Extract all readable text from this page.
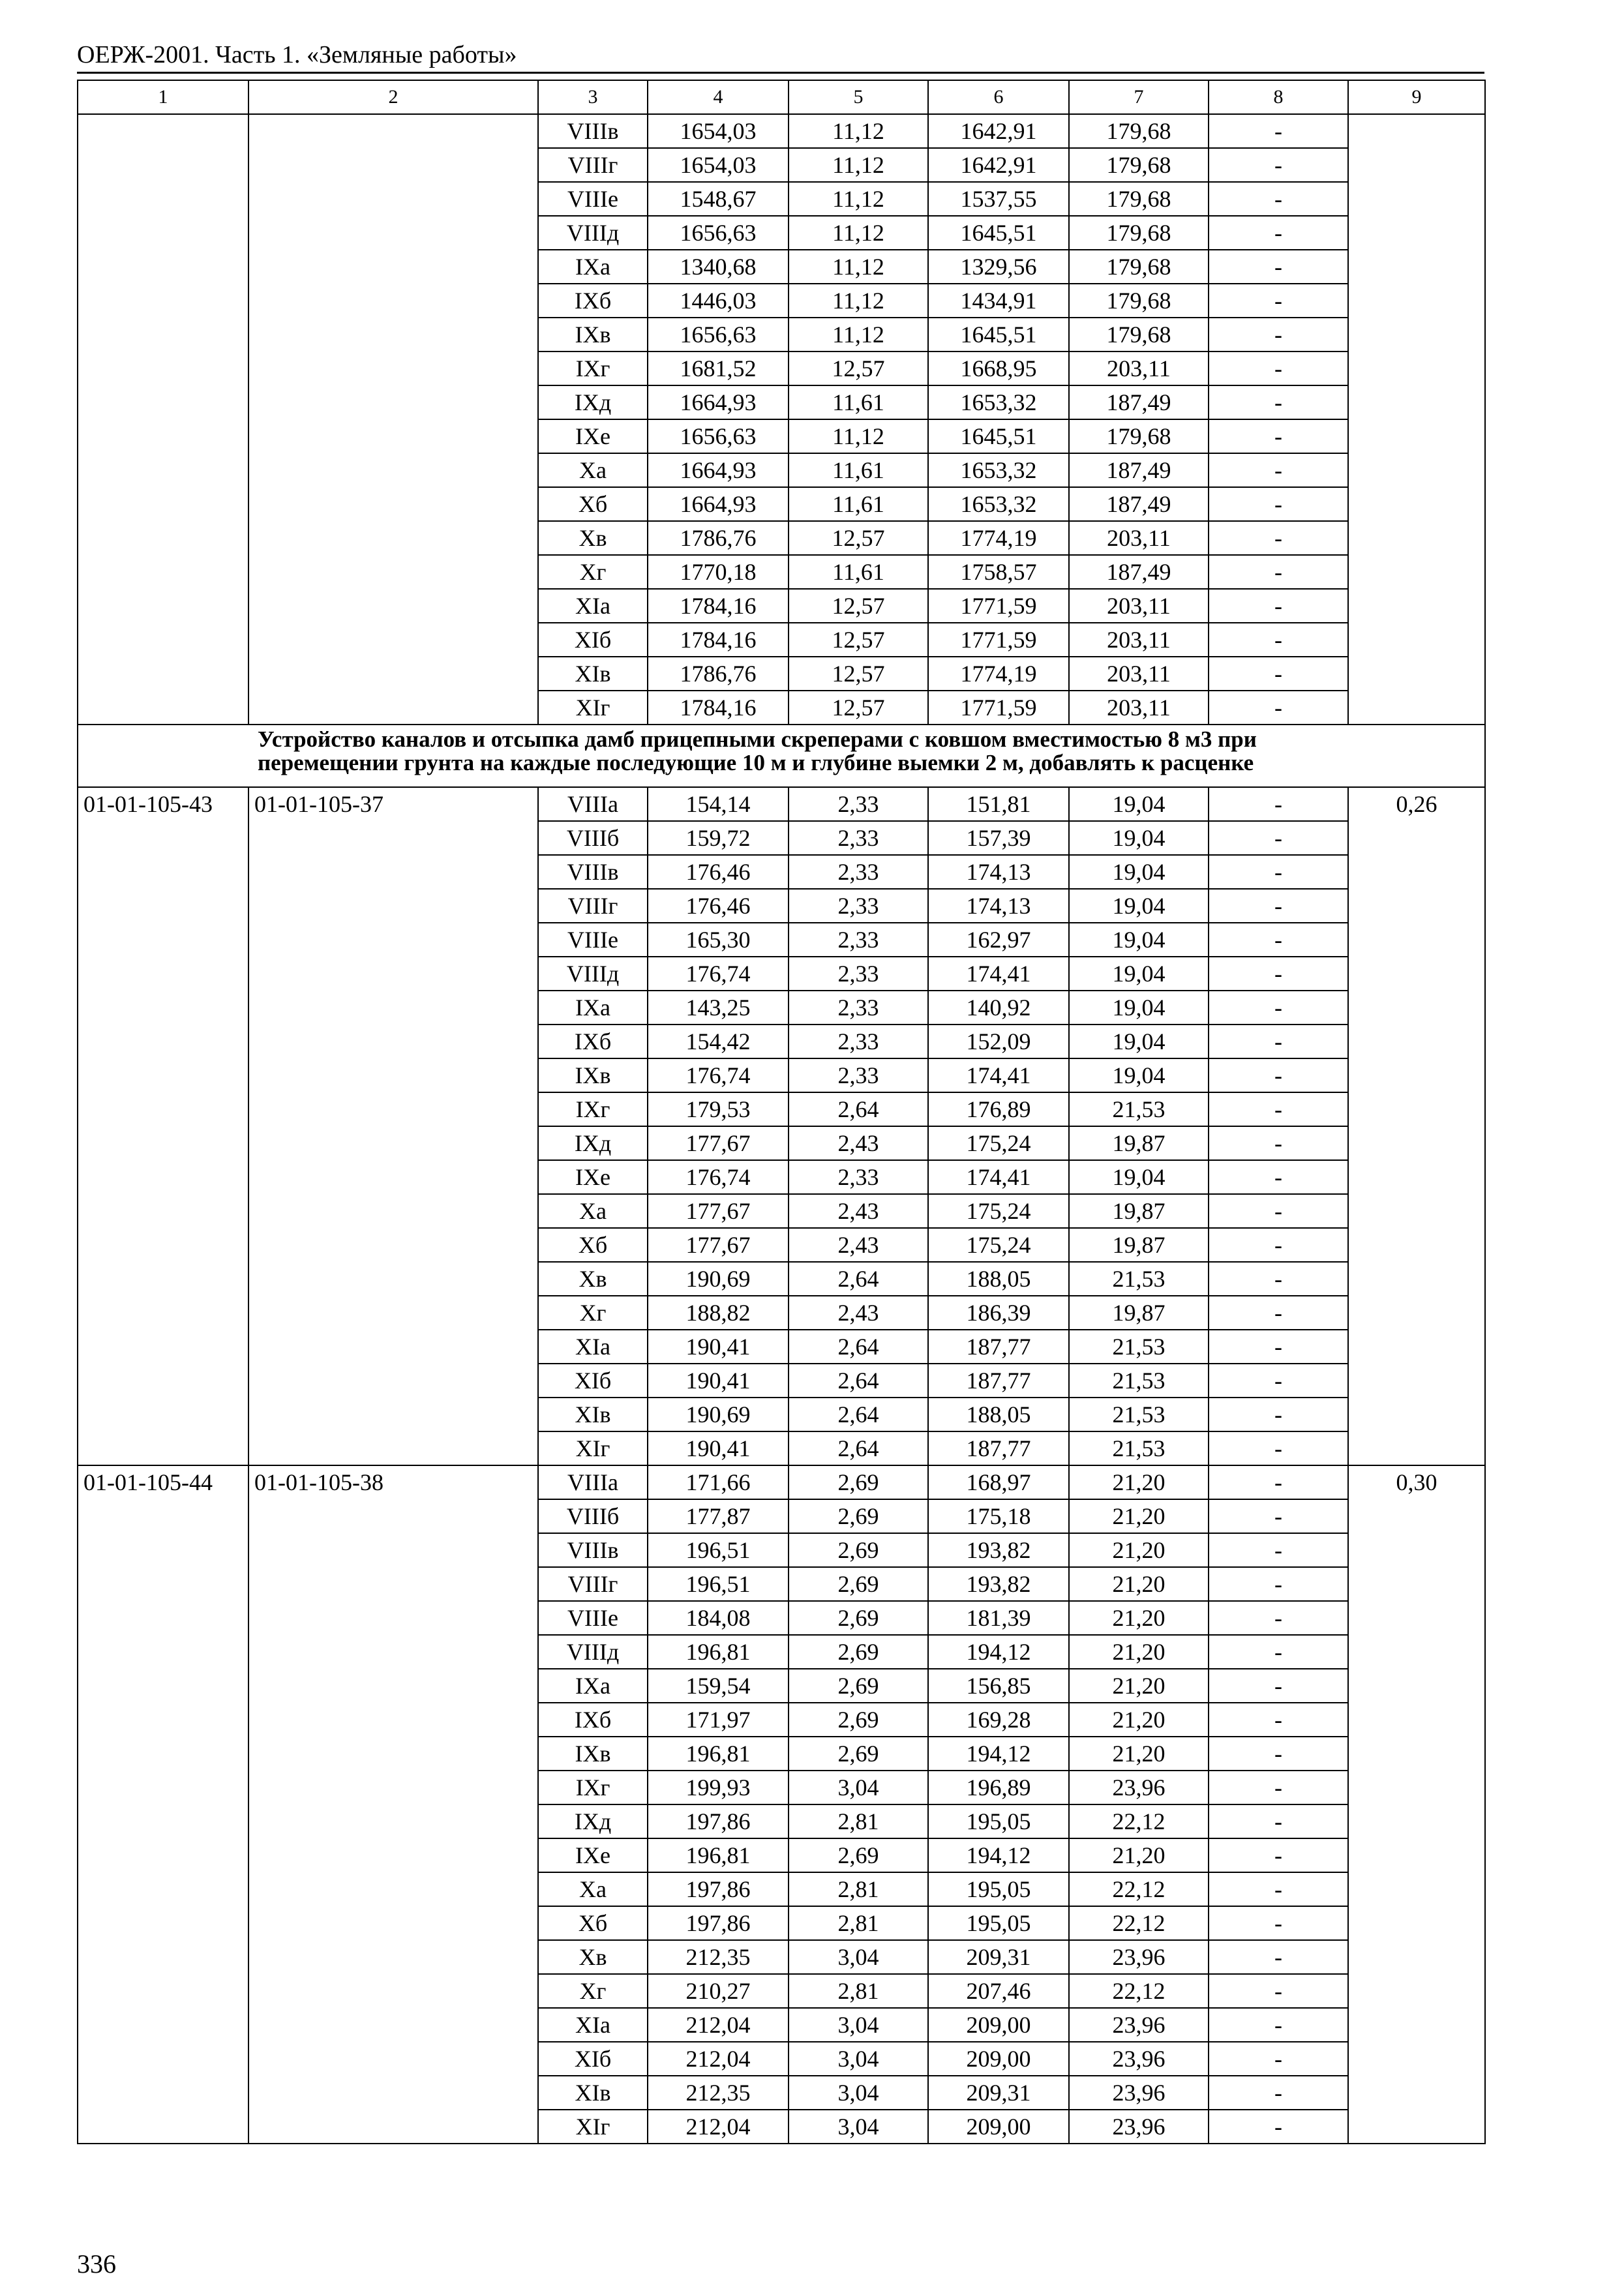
ОЕРЖ-2001. Часть 1. «Земляные работы»
1	2	3	4	5	6	7	8	9
		VIIIв	1654,03	11,12	1642,91	179,68	-	
		VIIIг	1654,03	11,12	1642,91	179,68	-	
		VIIIе	1548,67	11,12	1537,55	179,68	-	
		VIIIд	1656,63	11,12	1645,51	179,68	-	
		IXа	1340,68	11,12	1329,56	179,68	-	
		IXб	1446,03	11,12	1434,91	179,68	-	
		IXв	1656,63	11,12	1645,51	179,68	-	
		IXг	1681,52	12,57	1668,95	203,11	-	
		IXд	1664,93	11,61	1653,32	187,49	-	
		IXе	1656,63	11,12	1645,51	179,68	-	
		Xа	1664,93	11,61	1653,32	187,49	-	
		Xб	1664,93	11,61	1653,32	187,49	-	
		Xв	1786,76	12,57	1774,19	203,11	-	
		Xг	1770,18	11,61	1758,57	187,49	-	
		XIа	1784,16	12,57	1771,59	203,11	-	
		XIб	1784,16	12,57	1771,59	203,11	-	
		XIв	1786,76	12,57	1774,19	203,11	-	
		XIг	1784,16	12,57	1771,59	203,11	-	

Устройство каналов и отсыпка дамб прицепными скреперами с ковшом вместимостью 8 м3 при
перемещении грунта на каждые последующие 10 м и глубине выемки 2 м, добавлять к расценке								

01-01-105-43	01-01-105-37	VIIIа	154,14	2,33	151,81	19,04	-	0,26
		VIIIб	159,72	2,33	157,39	19,04	-	
		VIIIв	176,46	2,33	174,13	19,04	-	
		VIIIг	176,46	2,33	174,13	19,04	-	
		VIIIе	165,30	2,33	162,97	19,04	-	
		VIIIд	176,74	2,33	174,41	19,04	-	
		IXа	143,25	2,33	140,92	19,04	-	
		IXб	154,42	2,33	152,09	19,04	-	
		IXв	176,74	2,33	174,41	19,04	-	
		IXг	179,53	2,64	176,89	21,53	-	
		IXд	177,67	2,43	175,24	19,87	-	
		IXе	176,74	2,33	174,41	19,04	-	
		Xа	177,67	2,43	175,24	19,87	-	
		Xб	177,67	2,43	175,24	19,87	-	
		Xв	190,69	2,64	188,05	21,53	-	
		Xг	188,82	2,43	186,39	19,87	-	
		XIа	190,41	2,64	187,77	21,53	-	
		XIб	190,41	2,64	187,77	21,53	-	
		XIв	190,69	2,64	188,05	21,53	-	
		XIг	190,41	2,64	187,77	21,53	-	
01-01-105-44	01-01-105-38	VIIIа	171,66	2,69	168,97	21,20	-	0,30
		VIIIб	177,87	2,69	175,18	21,20	-	
		VIIIв	196,51	2,69	193,82	21,20	-	
		VIIIг	196,51	2,69	193,82	21,20	-	
		VIIIе	184,08	2,69	181,39	21,20	-	
		VIIIд	196,81	2,69	194,12	21,20	-	
		IXа	159,54	2,69	156,85	21,20	-	
		IXб	171,97	2,69	169,28	21,20	-	
		IXв	196,81	2,69	194,12	21,20	-	
		IXг	199,93	3,04	196,89	23,96	-	
		IXд	197,86	2,81	195,05	22,12	-	
		IXе	196,81	2,69	194,12	21,20	-	
		Xа	197,86	2,81	195,05	22,12	-	
		Xб	197,86	2,81	195,05	22,12	-	
		Xв	212,35	3,04	209,31	23,96	-	
		Xг	210,27	2,81	207,46	22,12	-	
		XIа	212,04	3,04	209,00	23,96	-	
		XIб	212,04	3,04	209,00	23,96	-	
		XIв	212,35	3,04	209,31	23,96	-	
		XIг	212,04	3,04	209,00	23,96	-	
336
